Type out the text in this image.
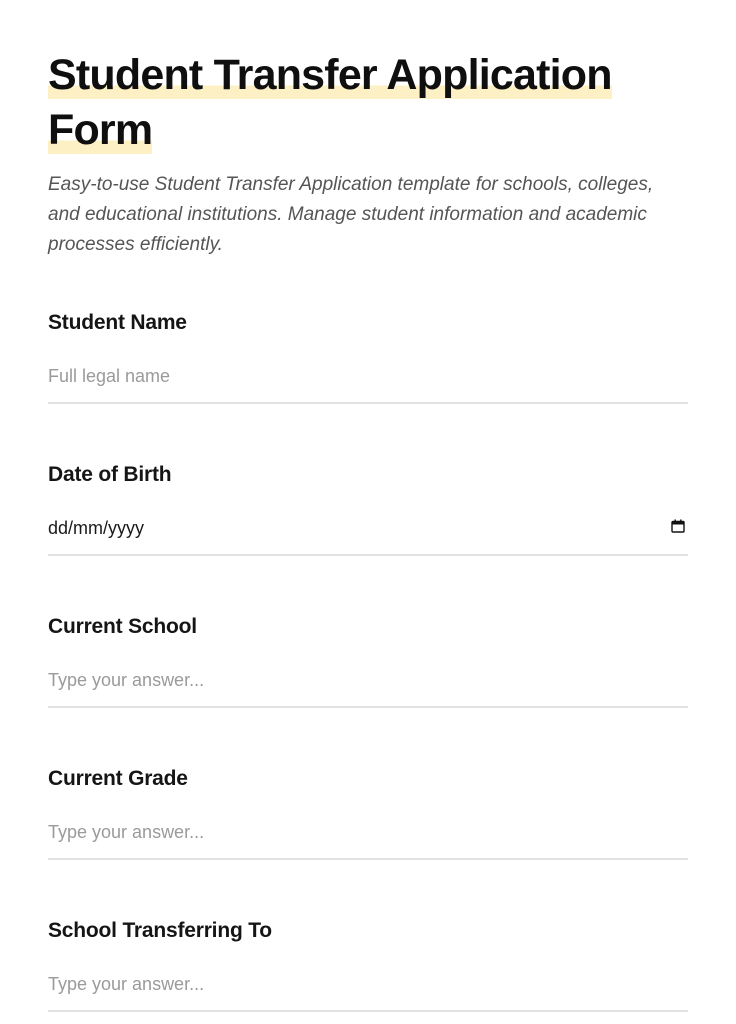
Student Transfer Application
Form

Easy-to-use Student Transfer Application template for schools, colleges, and educational institutions. Manage student information and academic processes efficiently.

Student Name
Full legal name
Date of Birth
dd/mm/yyyy
Current School
Type your answer...
Current Grade
Type your answer...
School Transferring To
Type your answer...
